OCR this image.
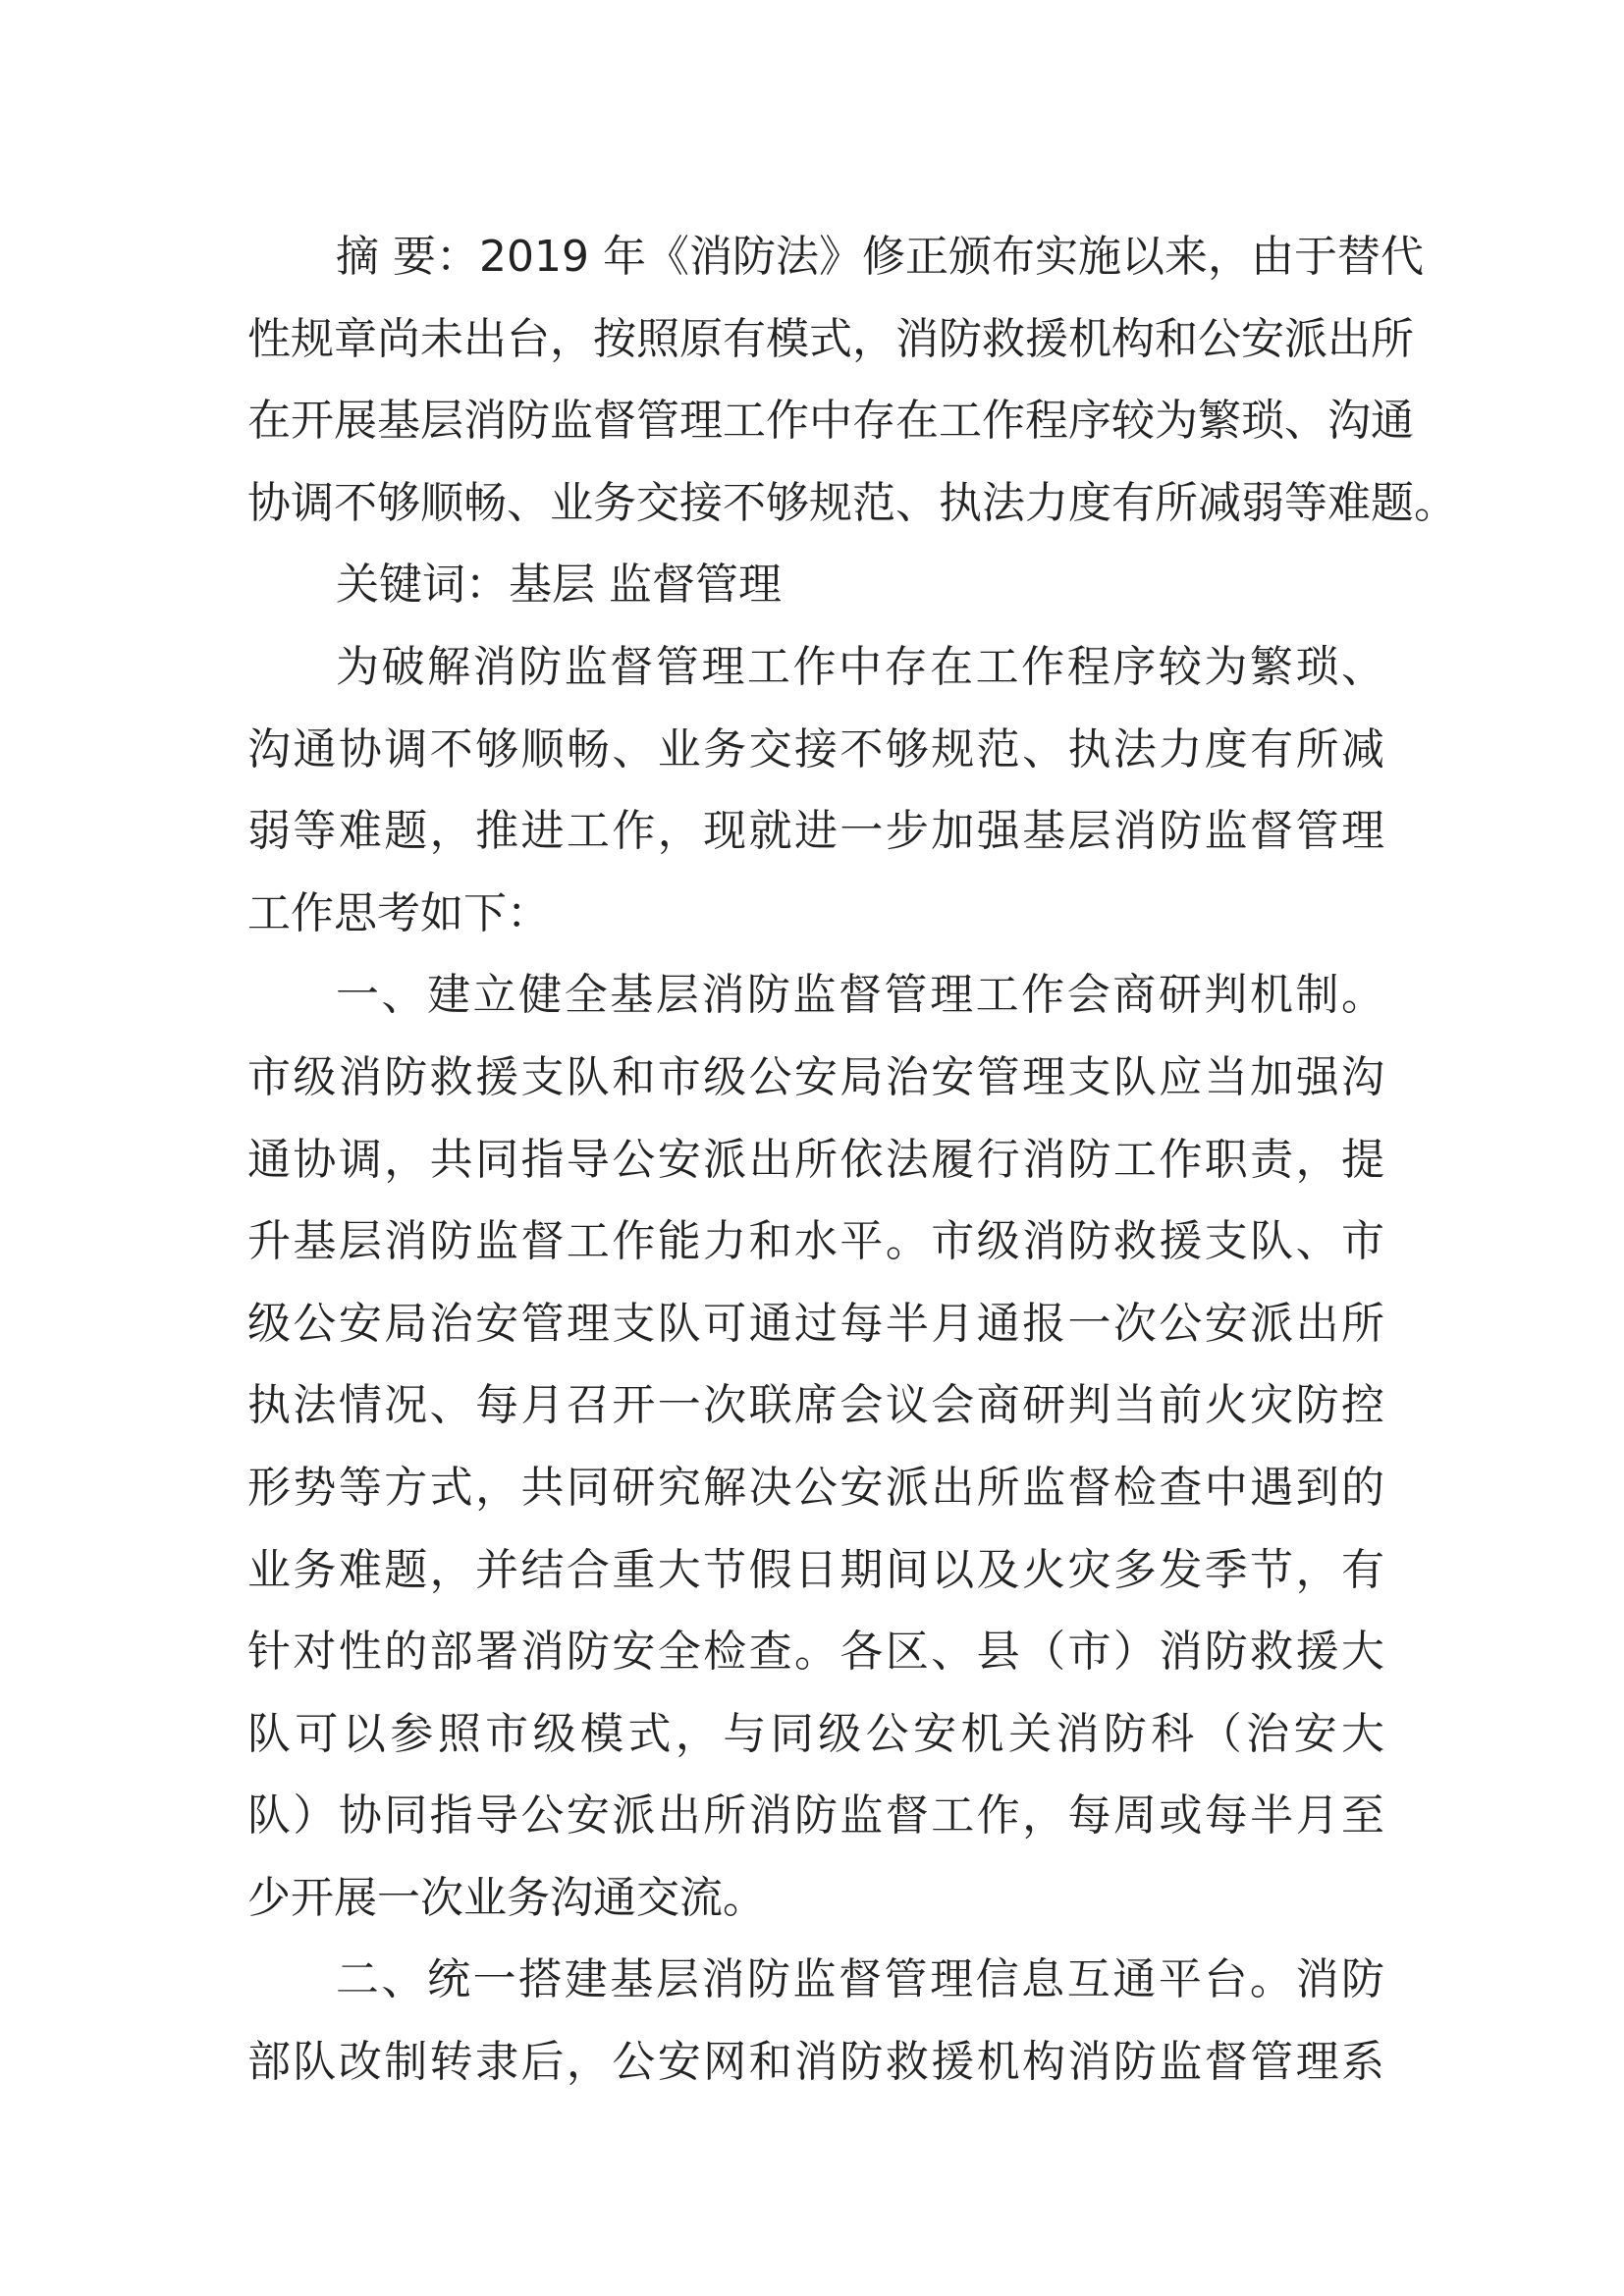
摘 要：2019 年《消防法》修正颁布实施以来，由于替代
性规章尚未出台，按照原有模式，消防救援机构和公安派出所
在开展基层消防监督管理工作中存在工作程序较为繁琐、沟通
协调不够顺畅、业务交接不够规范、执法力度有所减弱等难题。
关键词：基层 监督管理
为破解消防监督管理工作中存在工作程序较为繁琐、
沟通协调不够顺畅、业务交接不够规范、执法力度有所减
弱等难题，推进工作，现就进一步加强基层消防监督管理
工作思考如下：
一、建立健全基层消防监督管理工作会商研判机制。
市级消防救援支队和市级公安局治安管理支队应当加强沟
通协调，共同指导公安派出所依法履行消防工作职责，提
升基层消防监督工作能力和水平。市级消防救援支队、市
级公安局治安管理支队可通过每半月通报一次公安派出所
执法情况、每月召开一次联席会议会商研判当前火灾防控
形势等方式，共同研究解决公安派出所监督检查中遇到的
业务难题，并结合重大节假日期间以及火灾多发季节，有
针对性的部署消防安全检查。各区、县（市）消防救援大
队可以参照市级模式，与同级公安机关消防科（治安大
队）协同指导公安派出所消防监督工作，每周或每半月至
少开展一次业务沟通交流。
二、统一搭建基层消防监督管理信息互通平台。消防
部队改制转隶后，公安网和消防救援机构消防监督管理系
